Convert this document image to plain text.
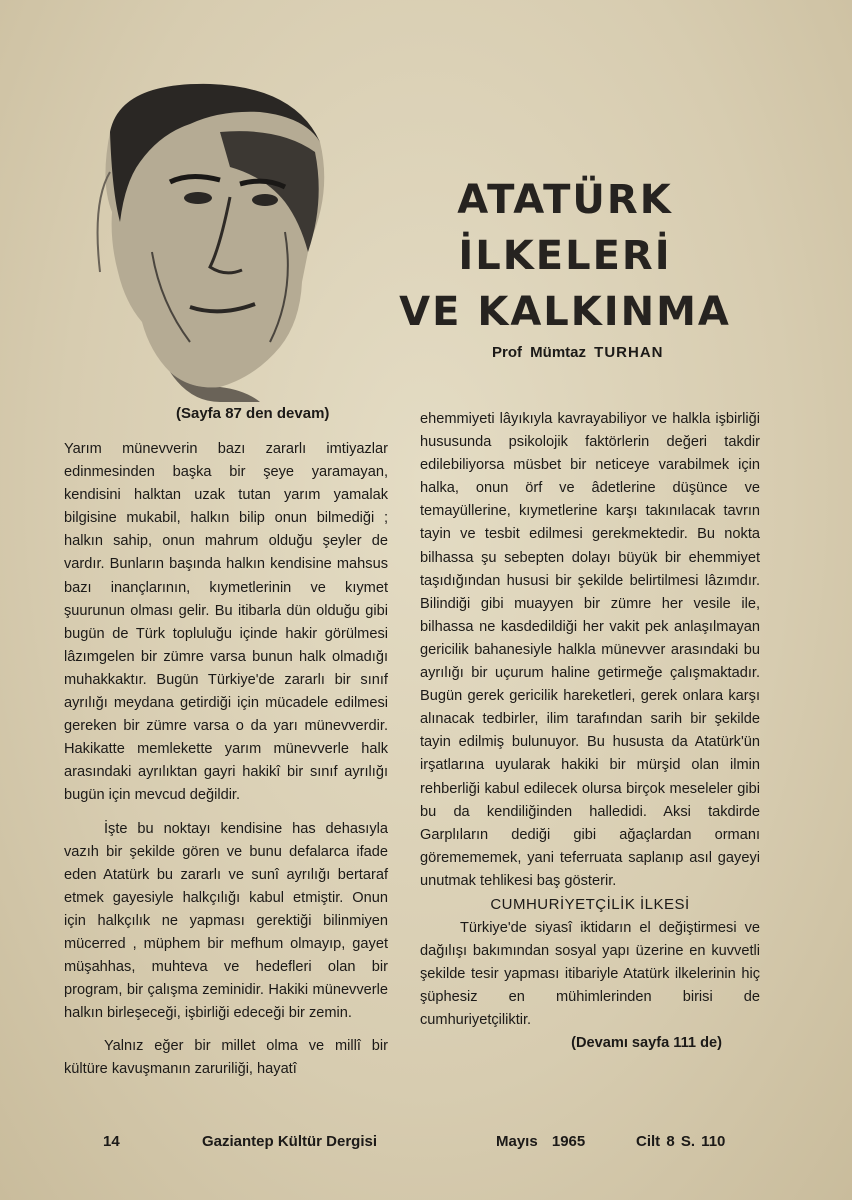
ATATÜRK İLKELERİ
VE KALKINMA
Prof Mümtaz TURHAN
(Sayfa 87 den devam)

Yarım münevverin bazı zararlı imtiyazlar edinmesinden başka bir şeye yaramayan, kendisini halktan uzak tutan yarım yamalak bilgisine mukabil, halkın bilip onun bilmediği ; halkın sahip, onun mahrum olduğu şeyler de vardır. Bunların başında halkın kendisine mahsus bazı inançlarının, kıymetlerinin ve kıymet şuurunun olması gelir. Bu itibarla dün olduğu gibi bugün de Türk topluluğu içinde hakir görülmesi lâzımgelen bir zümre varsa bunun halk olmadığı muhakkaktır. Bugün Türkiye'de zararlı bir sınıf ayrılığı meydana getirdiği için mücadele edilmesi gereken bir zümre varsa o da yarı münevverdir. Hakikatte memlekette yarım münevverle halk arasındaki ayrılıktan gayri hakikî bir sınıf ayrılığı bugün için mevcud değildir.

İşte bu noktayı kendisine has dehasıyla vazıh bir şekilde gören ve bunu defalarca ifade eden Atatürk bu zararlı ve sunî ayrılığı bertaraf etmek gayesiyle halkçılığı kabul etmiştir. Onun için halkçılık ne yapması gerektiği bilinmiyen mücerred , müphem bir mefhum olmayıp, gayet müşahhas, muhteva ve hedefleri olan bir program, bir çalışma zeminidir. Hakiki münevverle halkın birleşeceği, işbirliği edeceği bir zemin.

Yalnız eğer bir millet olma ve millî bir kültüre kavuşmanın zaruriliği, hayatî

ehemmiyeti lâyıkıyla kavrayabiliyor ve halkla işbirliği hususunda psikolojik faktörlerin değeri takdir edilebiliyorsa müsbet bir neticeye varabilmek için halka, onun örf ve âdetlerine düşünce ve temayüllerine, kıymetlerine karşı takınılacak tavrın tayin ve tesbit edilmesi gerekmektedir. Bu nokta bilhassa şu sebepten dolayı büyük bir ehemmiyet taşıdığından hususi bir şekilde belirtilmesi lâzımdır. Bilindiği gibi muayyen bir zümre her vesile ile, bilhassa ne kasdedildiği her vakit pek anlaşılmayan gericilik bahanesiyle halkla münevver arasındaki bu ayrılığı bir uçurum haline getirmeğe çalışmaktadır. Bugün gerek gericilik hareketleri, gerek onlara karşı alınacak tedbirler, ilim tarafından sarih bir şekilde tayin edilmiş bulunuyor. Bu hususta da Atatürk'ün irşatlarına uyularak hakiki bir mürşid olan ilmin rehberliği kabul edilecek olursa birçok meseleler gibi bu da kendiliğinden halledidi. Aksi takdirde Garplıların dediği gibi ağaçlardan ormanı göremememek, yani teferruata saplanıp asıl gayeyi unutmak tehlikesi baş gösterir.

CUMHURİYETÇİLİK İLKESİ

Türkiye'de siyasî iktidarın el değiştirmesi ve dağılışı bakımından sosyal yapı üzerine en kuvvetli şekilde tesir yapması itibariyle Atatürk ilkelerinin hiç şüphesiz en mühimlerinden birisi de cumhuriyetçiliktir.

(Devamı sayfa 111 de)

14	Gaziantep Kültür Dergisi	Mayıs 1965	Cilt 8 S. 110
